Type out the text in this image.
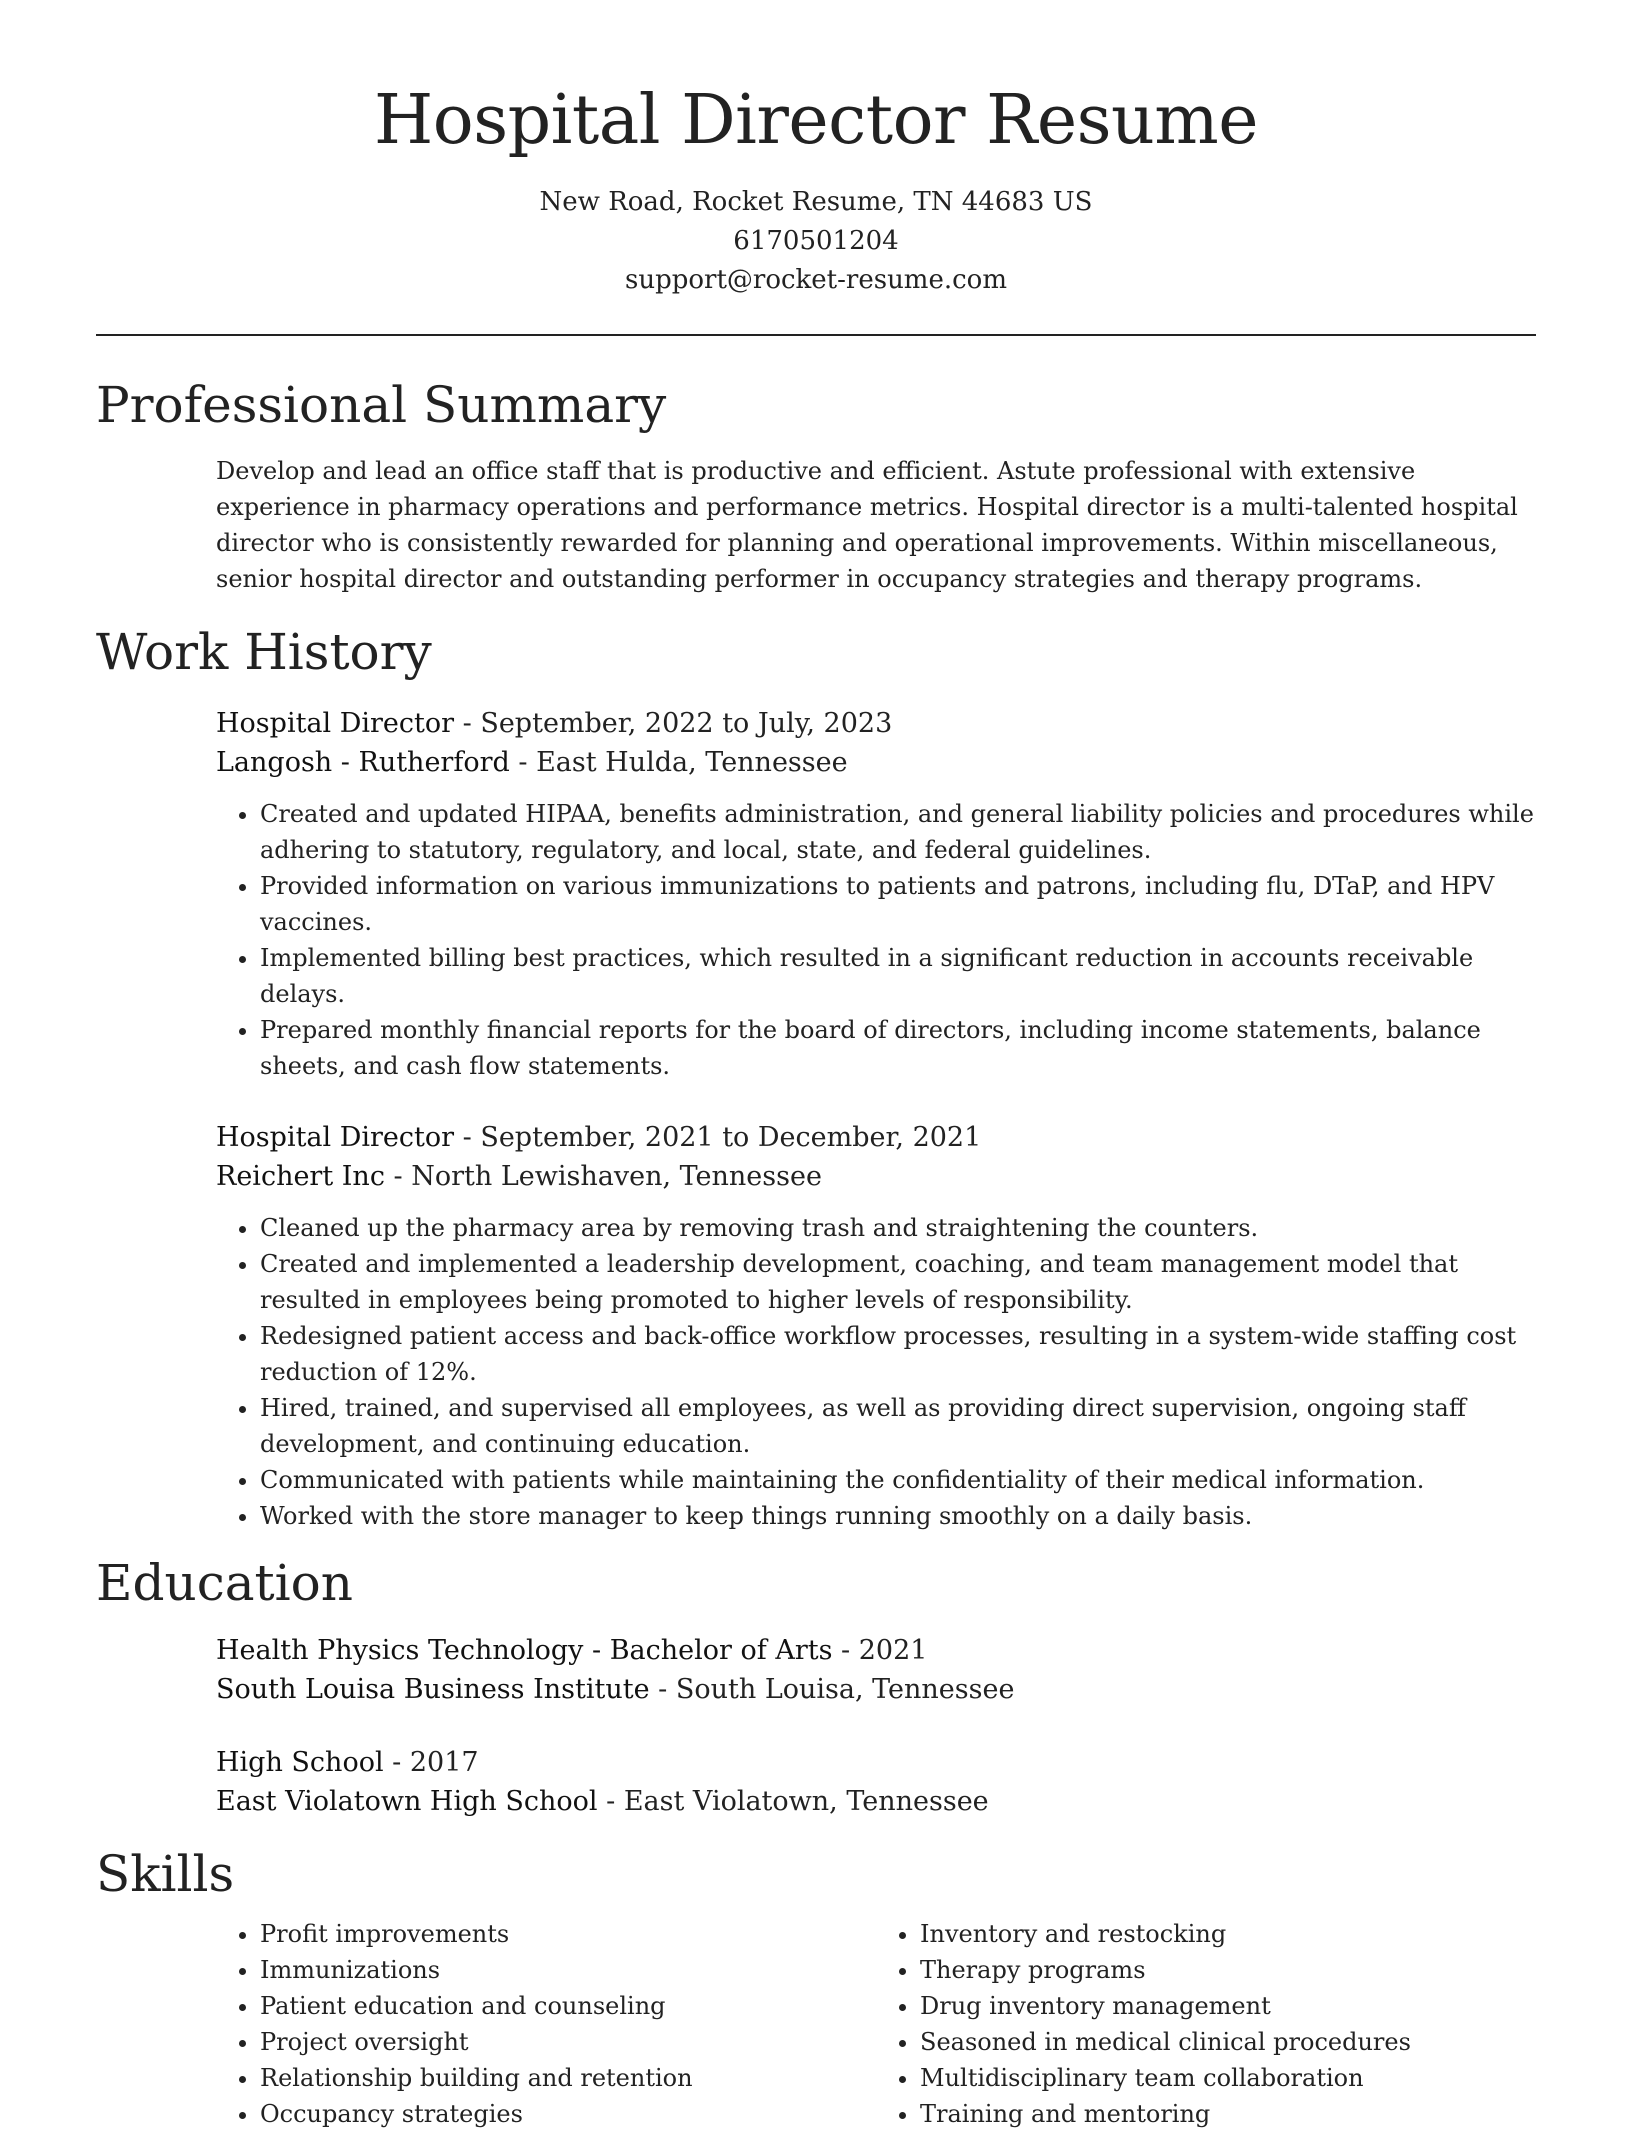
Hospital Director Resume
New Road, Rocket Resume, TN 44683 US
6170501204
support@rocket-resume.com
Professional Summary

Develop and lead an office staff that is productive and efficient. Astute professional with extensive experience in pharmacy operations and performance metrics. Hospital director is a multi-talented hospital director who is consistently rewarded for planning and operational improvements. Within miscellaneous, senior hospital director and outstanding performer in occupancy strategies and therapy programs.

Work History
Hospital Director - September, 2022 to July, 2023
Langosh - Rutherford - East Hulda, Tennessee
• Created and updated HIPAA, benefits administration, and general liability policies and procedures while adhering to statutory, regulatory, and local, state, and federal guidelines.
• Provided information on various immunizations to patients and patrons, including flu, DTaP, and HPV vaccines.
• Implemented billing best practices, which resulted in a significant reduction in accounts receivable delays.
• Prepared monthly financial reports for the board of directors, including income statements, balance sheets, and cash flow statements.
Hospital Director - September, 2021 to December, 2021
Reichert Inc - North Lewishaven, Tennessee
• Cleaned up the pharmacy area by removing trash and straightening the counters.
• Created and implemented a leadership development, coaching, and team management model that resulted in employees being promoted to higher levels of responsibility.
• Redesigned patient access and back-office workflow processes, resulting in a system-wide staffing cost reduction of 12%.
• Hired, trained, and supervised all employees, as well as providing direct supervision, ongoing staff development, and continuing education.
• Communicated with patients while maintaining the confidentiality of their medical information.
• Worked with the store manager to keep things running smoothly on a daily basis.
Education
Health Physics Technology - Bachelor of Arts - 2021
South Louisa Business Institute - South Louisa, Tennessee
High School - 2017
East Violatown High School - East Violatown, Tennessee
Skills
• Profit improvements
• Immunizations
• Patient education and counseling
• Project oversight
• Relationship building and retention
• Occupancy strategies
• Inventory and restocking
• Therapy programs
• Drug inventory management
• Seasoned in medical clinical procedures
• Multidisciplinary team collaboration
• Training and mentoring
